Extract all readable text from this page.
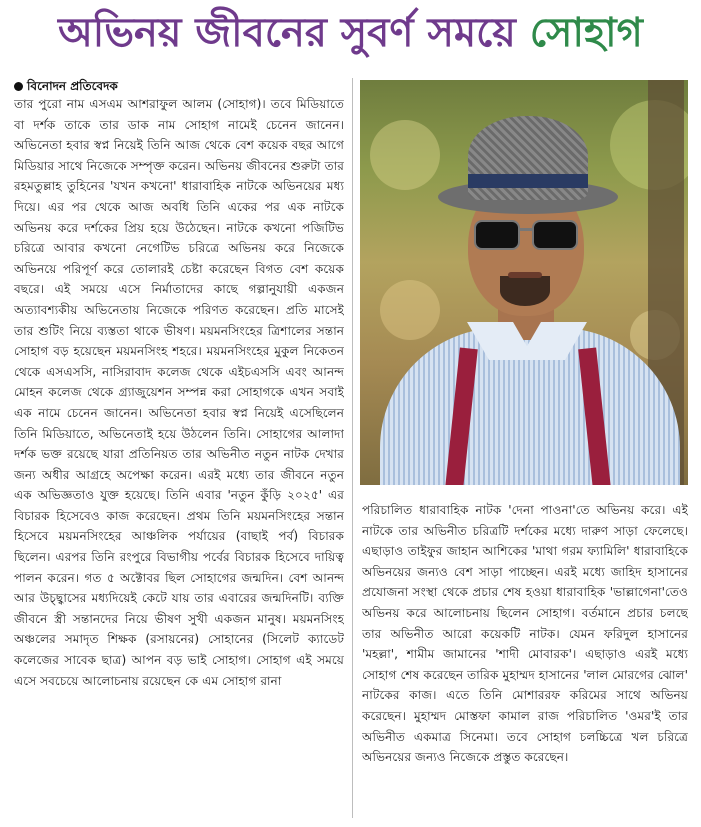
অভিনয় জীবনের সুবর্ণ সময়ে সোহাগ
বিনোদন প্রতিবেদক

তার পুরো নাম এসএম আশরাফুল আলম (সোহাগ)। তবে মিডিয়াতে বা দর্শক তাকে তার ডাক নাম সোহাগ নামেই চেনেন জানেন। অভিনেতা হবার স্বপ্ন নিয়েই তিনি আজ থেকে বেশ কয়েক বছর আগে মিডিয়ার সাথে নিজেকে সম্পৃক্ত করেন। অভিনয় জীবনের শুরুটা তার রহমতুল্লাহ তুহিনের 'যখন কখনো' ধারাবাহিক নাটকে অভিনয়ের মধ্য দিয়ে। এর পর থেকে আজ অবধি তিনি একের পর এক নাটকে অভিনয় করে দর্শকের প্রিয় হয়ে উঠেছেন। নাটকে কখনো পজিটিভ চরিত্রে আবার কখনো নেগেটিভ চরিত্রে অভিনয় করে নিজেকে অভিনয়ে পরিপূর্ণ করে তোলারই চেষ্টা করেছেন বিগত বেশ কয়েক বছরে। এই সময়ে এসে নির্মাতাদের কাছে গল্পানুযায়ী একজন অত্যাবশ্যকীয় অভিনেতায় নিজেকে পরিণত করেছেন। প্রতি মাসেই তার শুটিং নিয়ে ব্যস্ততা থাকে ভীষণ। ময়মনসিংহের ত্রিশালের সন্তান সোহাগ বড় হয়েছেন ময়মনসিংহ শহরে। ময়মনসিংহের মুকুল নিকেতন থেকে এসএসসি, নাসিরাবাদ কলেজ থেকে এইচএসসি এবং আনন্দ মোহন কলেজ থেকে গ্র্যাজুয়েশন সম্পন্ন করা সোহাগকে এখন সবাই এক নামে চেনেন জানেন। অভিনেতা হবার স্বপ্ন নিয়েই এসেছিলেন তিনি মিডিয়াতে, অভিনেতাই হয়ে উঠলেন তিনি। সোহাগের আলাদা দর্শক ভক্ত রয়েছে যারা প্রতিনিয়ত তার অভিনীত নতুন নাটক দেখার জন্য অধীর আগ্রহে অপেক্ষা করেন। এরই মধ্যে তার জীবনে নতুন এক অভিজ্ঞতাও যুক্ত হয়েছে। তিনি এবার 'নতুন কুঁড়ি ২০২৫' এর বিচারক হিসেবেও কাজ করেছেন। প্রথম তিনি ময়মনসিংহের সন্তান হিসেবে ময়মনসিংহের আঞ্চলিক পর্যায়ের (বাছাই পর্ব) বিচারক ছিলেন। এরপর তিনি রংপুরে বিভাগীয় পর্বের বিচারক হিসেবে দায়িত্ব পালন করেন। গত ৫ অক্টোবর ছিল সোহাগের জন্মদিন। বেশ আনন্দ আর উচ্ছ্বাসের মধ্যদিয়েই কেটে যায় তার এবারের জন্মদিনটি। ব্যক্তি জীবনে স্ত্রী সন্তানদের নিয়ে ভীষণ সুখী একজন মানুষ। ময়মনসিংহ অঞ্চলের সমাদৃত শিক্ষক (রসায়নের) সোহানের (সিলেট ক্যাডেট কলেজের সাবেক ছাত্র) আপন বড় ভাই সোহাগ। সোহাগ এই সময়ে এসে সবচেয়ে আলোচনায় রয়েছেন কে এম সোহাগ রানা

পরিচালিত ধারাবাহিক নাটক 'দেনা পাওনা'তে অভিনয় করে। এই নাটকে তার অভিনীত চরিত্রটি দর্শকের মধ্যে দারুণ সাড়া ফেলেছে। এছাড়াও তাইফুর জাহান আশিকের 'মাথা গরম ফ্যামিলি' ধারাবাহিকে অভিনয়ের জন্যও বেশ সাড়া পাচ্ছেন। এরই মধ্যে জাহিদ হাসানের প্রযোজনা সংস্থা থেকে প্রচার শেষ হওয়া ধারাবাহিক 'ভাল্লাগেনা'তেও অভিনয় করে আলোচনায় ছিলেন সোহাগ। বর্তমানে প্রচার চলছে তার অভিনীত আরো কয়েকটি নাটক। যেমন ফরিদুল হাসানের 'মহল্লা', শামীম জামানের 'শাদী মোবারক'। এছাড়াও এরই মধ্যে সোহাগ শেষ করেছেন তারিক মুহাম্মদ হাসানের 'লাল মোরগের ঝোল' নাটকের কাজ। এতে তিনি মোশাররফ করিমের সাথে অভিনয় করেছেন। মুহাম্মদ মোস্তফা কামাল রাজ পরিচালিত 'ওমর'ই তার অভিনীত একমাত্র সিনেমা। তবে সোহাগ চলচ্চিত্রে খল চরিত্রে অভিনয়ের জন্যও নিজেকে প্রস্তুত করেছেন।
